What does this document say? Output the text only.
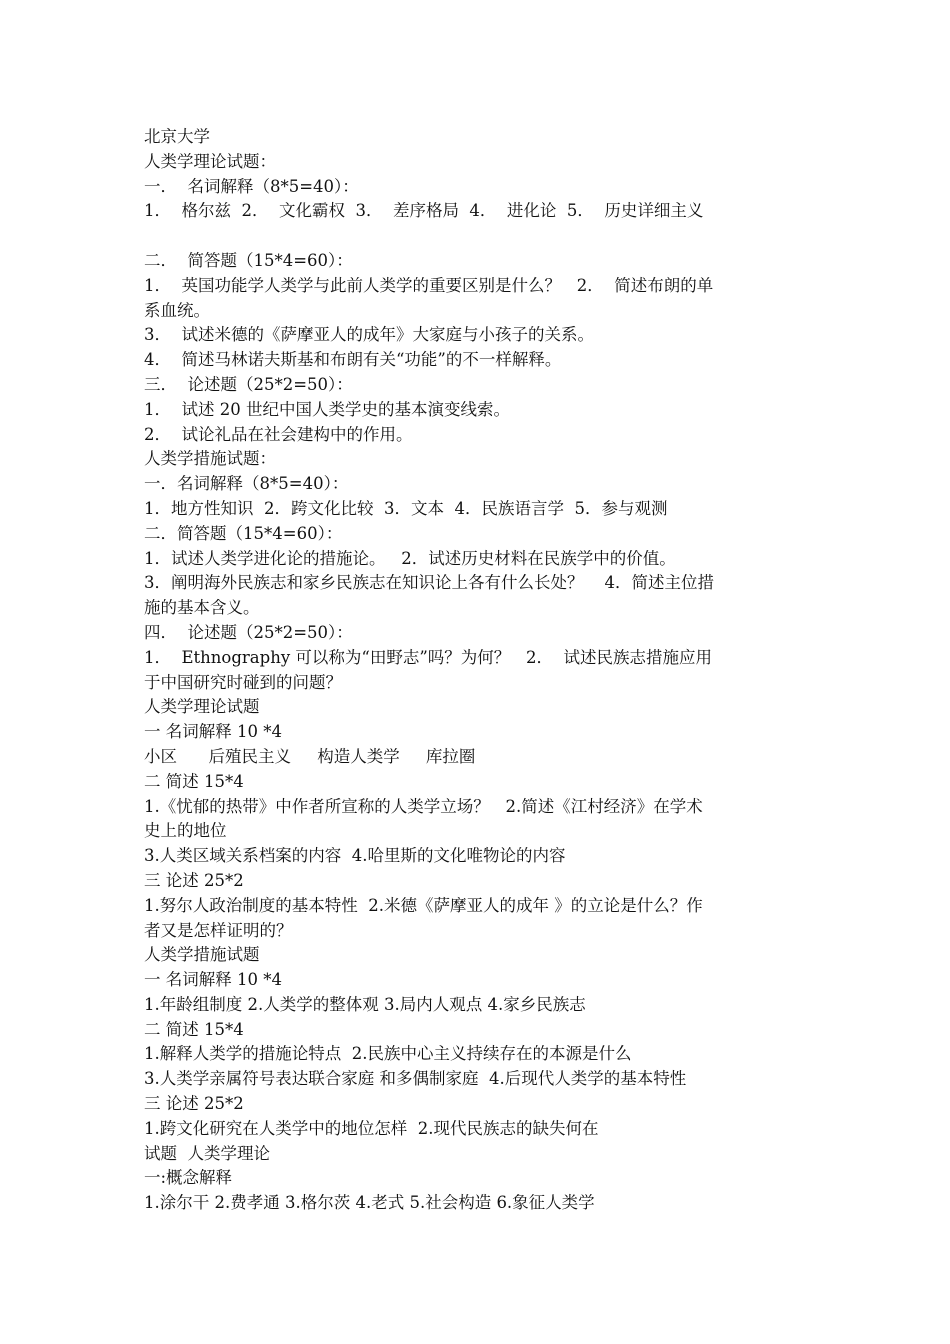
北京大学

人类学理论试题：

一．  名词解释（8*5=40）：

1．  格尔兹  2．  文化霸权  3．  差序格局  4．  进化论  5．  历史详细主义

二．  简答题（15*4=60）：

1．  英国功能学人类学与此前人类学的重要区别是什么？   2．  简述布朗的单

系血统。

3．  试述米德的《萨摩亚人的成年》大家庭与小孩子的关系。

4．  简述马林诺夫斯基和布朗有关“功能”的不一样解释。

三．  论述题（25*2=50）：

1．  试述 20 世纪中国人类学史的基本演变线索。

2．  试论礼品在社会建构中的作用。

人类学措施试题：

一．名词解释（8*5=40）：

1．地方性知识  2．跨文化比较  3．文本  4．民族语言学  5．参与观测

二．简答题（15*4=60）：

1．试述人类学进化论的措施论。   2．试述历史材料在民族学中的价值。

3．阐明海外民族志和家乡民族志在知识论上各有什么长处？    4．简述主位措

施的基本含义。

四．  论述题（25*2=50）：

1．  Ethnography 可以称为“田野志”吗？为何？   2．  试述民族志措施应用

于中国研究时碰到的问题？

人类学理论试题

一 名词解释 10 *4

小区      后殖民主义     构造人类学     库拉圈

二 简述 15*4

1.《忧郁的热带》中作者所宣称的人类学立场？   2.简述《江村经济》在学术

史上的地位

3.人类区域关系档案的内容  4.哈里斯的文化唯物论的内容

三 论述 25*2

1.努尔人政治制度的基本特性  2.米德《萨摩亚人的成年 》的立论是什么？作

者又是怎样证明的？

人类学措施试题

一 名词解释 10 *4

1.年龄组制度 2.人类学的整体观 3.局内人观点 4.家乡民族志

二 简述 15*4

1.解释人类学的措施论特点  2.民族中心主义持续存在的本源是什么

3.人类学亲属符号表达联合家庭 和多偶制家庭  4.后现代人类学的基本特性

三 论述 25*2

1.跨文化研究在人类学中的地位怎样  2.现代民族志的缺失何在

试题  人类学理论

一:概念解释

1.涂尔干 2.费孝通 3.格尔茨 4.老式 5.社会构造 6.象征人类学
